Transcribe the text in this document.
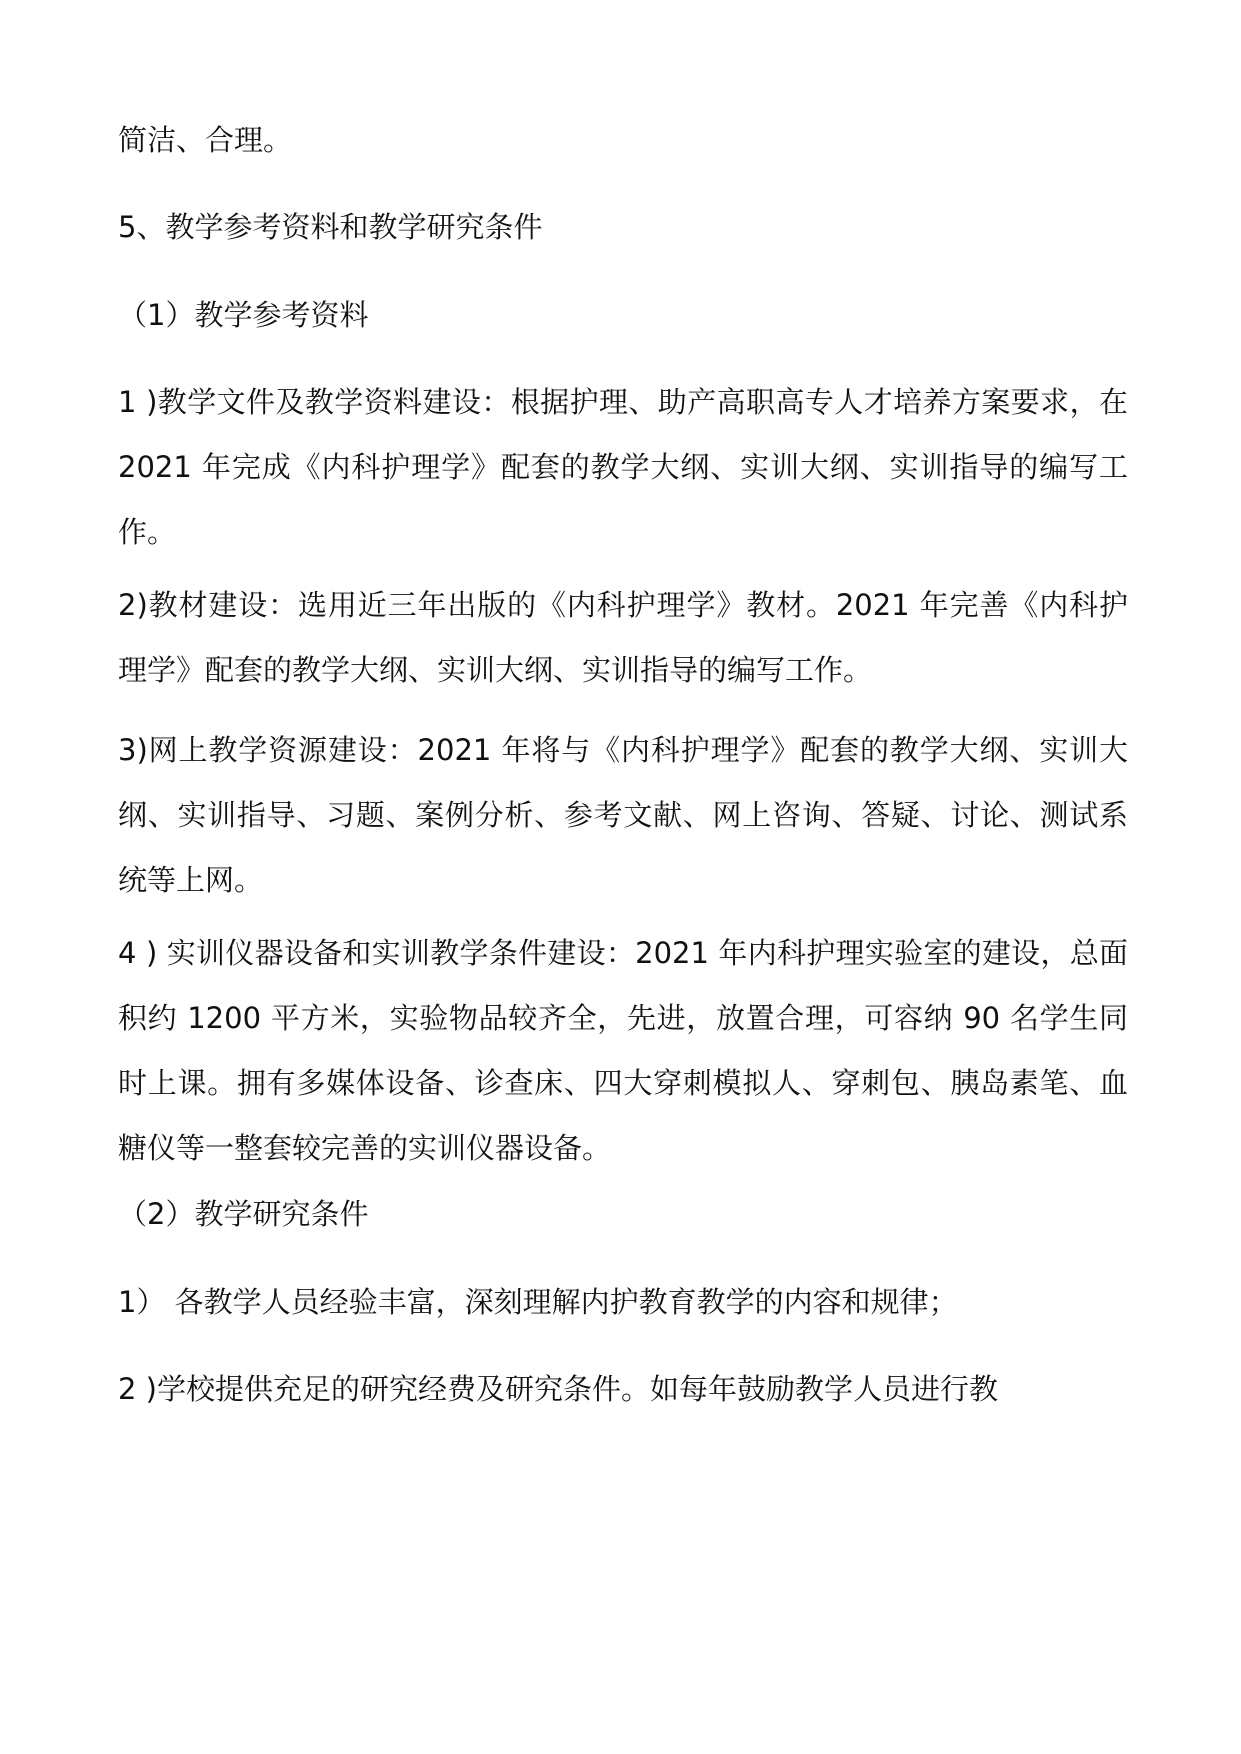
简洁、合理。

5、教学参考资料和教学研究条件

（1）教学参考资料

1 )教学文件及教学资料建设：根据护理、助产高职高专人才培养方案要求，在 2021 年完成《内科护理学》配套的教学大纲、实训大纲、实训指导的编写工作。

2)教材建设：选用近三年出版的《内科护理学》教材。2021 年完善《内科护理学》配套的教学大纲、实训大纲、实训指导的编写工作。

3)网上教学资源建设：2021 年将与《内科护理学》配套的教学大纲、实训大纲、实训指导、习题、案例分析、参考文献、网上咨询、答疑、讨论、测试系统等上网。

4 ) 实训仪器设备和实训教学条件建设：2021 年内科护理实验室的建设，总面积约 1200 平方米，实验物品较齐全，先进，放置合理，可容纳 90 名学生同时上课。拥有多媒体设备、诊查床、四大穿刺模拟人、穿刺包、胰岛素笔、血糖仪等一整套较完善的实训仪器设备。

（2）教学研究条件

1） 各教学人员经验丰富，深刻理解内护教育教学的内容和规律；

2 )学校提供充足的研究经费及研究条件。如每年鼓励教学人员进行教
